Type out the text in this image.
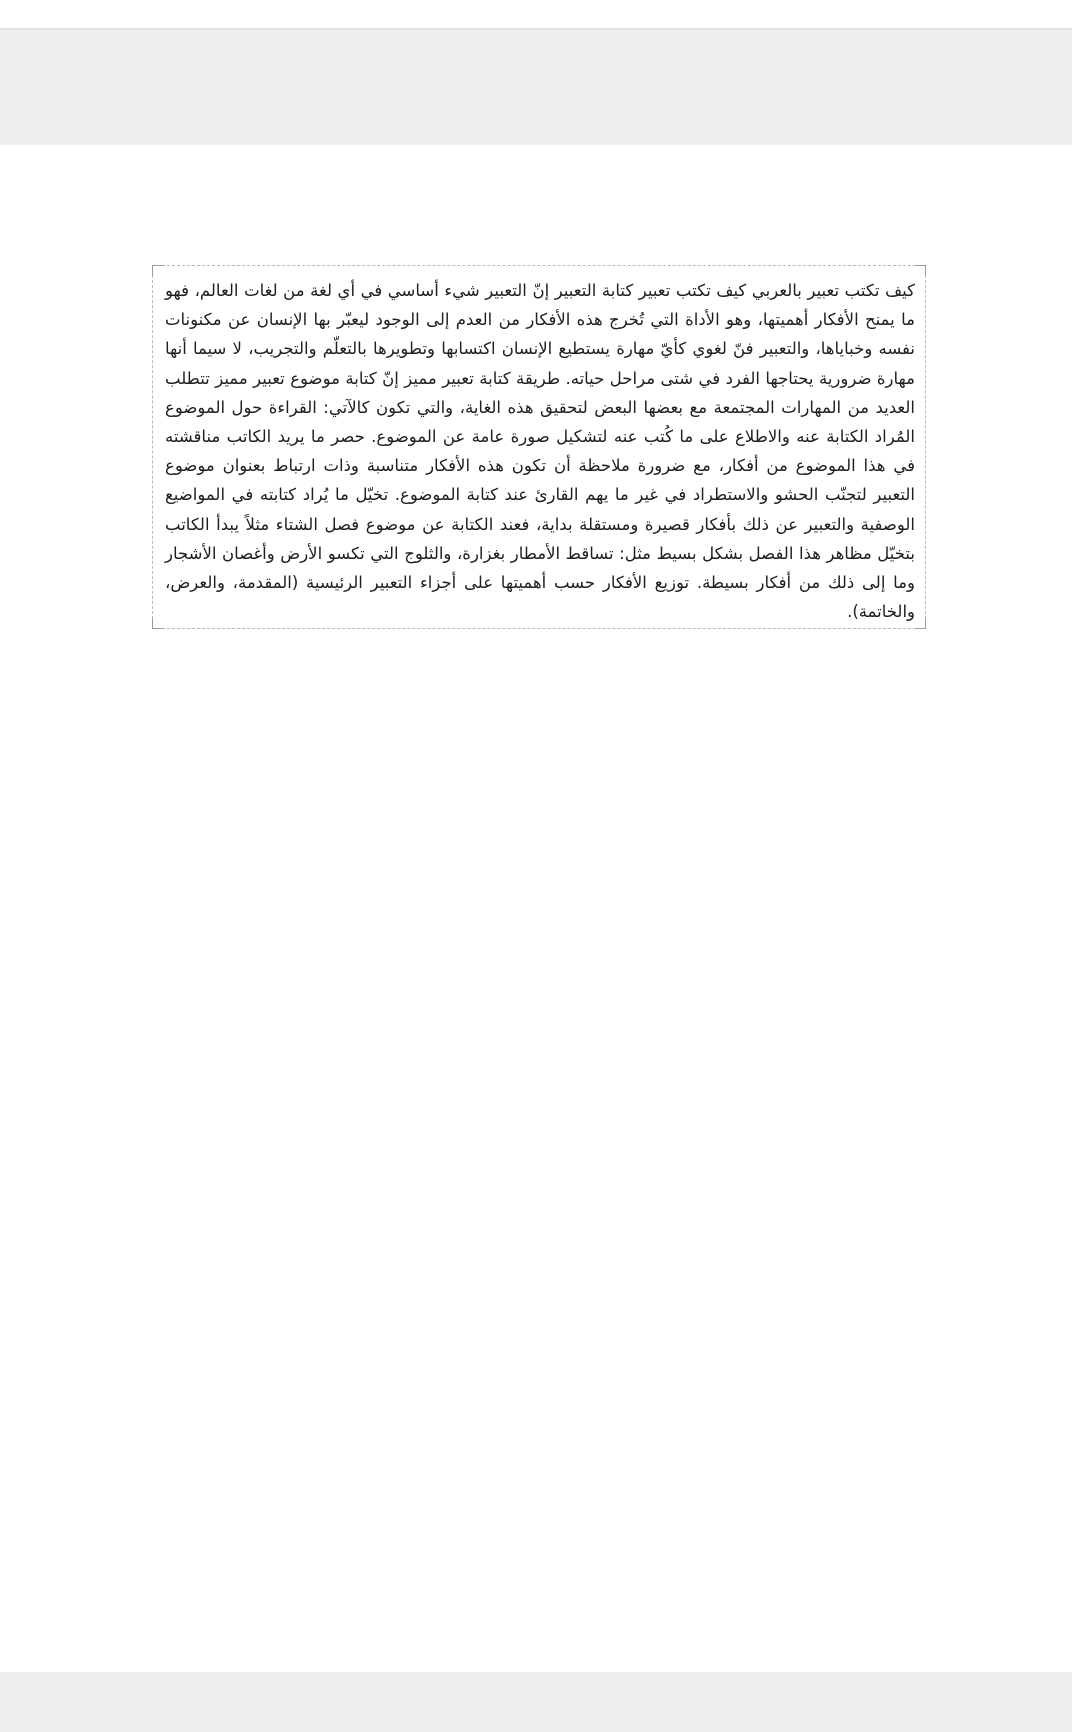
كيف تكتب تعبير بالعربي كيف تكتب تعبير كتابة التعبير إنّ التعبير شيء أساسي في أي لغة من لغات العالم، فهو ما يمنح الأفكار أهميتها، وهو الأداة التي تُخرج هذه الأفكار من العدم إلى الوجود ليعبّر بها الإنسان عن مكنونات نفسه وخباياها، والتعبير فنّ لغوي كأيّ مهارة يستطيع الإنسان اكتسابها وتطويرها بالتعلّم والتجريب، لا سيما أنها مهارة ضرورية يحتاجها الفرد في شتى مراحل حياته. طريقة كتابة تعبير مميز إنّ كتابة موضوع تعبير مميز تتطلب العديد من المهارات المجتمعة مع بعضها البعض لتحقيق هذه الغاية، والتي تكون كالآتي: القراءة حول الموضوع المُراد الكتابة عنه والاطلاع على ما كُتب عنه لتشكيل صورة عامة عن الموضوع. حصر ما يريد الكاتب مناقشته في هذا الموضوع من أفكار، مع ضرورة ملاحظة أن تكون هذه الأفكار متناسبة وذات ارتباط بعنوان موضوع التعبير لتجنّب الحشو والاستطراد في غير ما يهم القارئ عند كتابة الموضوع. تخيّل ما يُراد كتابته في المواضيع الوصفية والتعبير عن ذلك بأفكار قصيرة ومستقلة بداية، فعند الكتابة عن موضوع فصل الشتاء مثلاً يبدأ الكاتب بتخيّل مظاهر هذا الفصل بشكل بسيط مثل: تساقط الأمطار بغزارة، والثلوج التي تكسو الأرض وأغصان الأشجار وما إلى ذلك من أفكار بسيطة. توزيع الأفكار حسب أهميتها على أجزاء التعبير الرئيسية (المقدمة، والعرض، والخاتمة).
